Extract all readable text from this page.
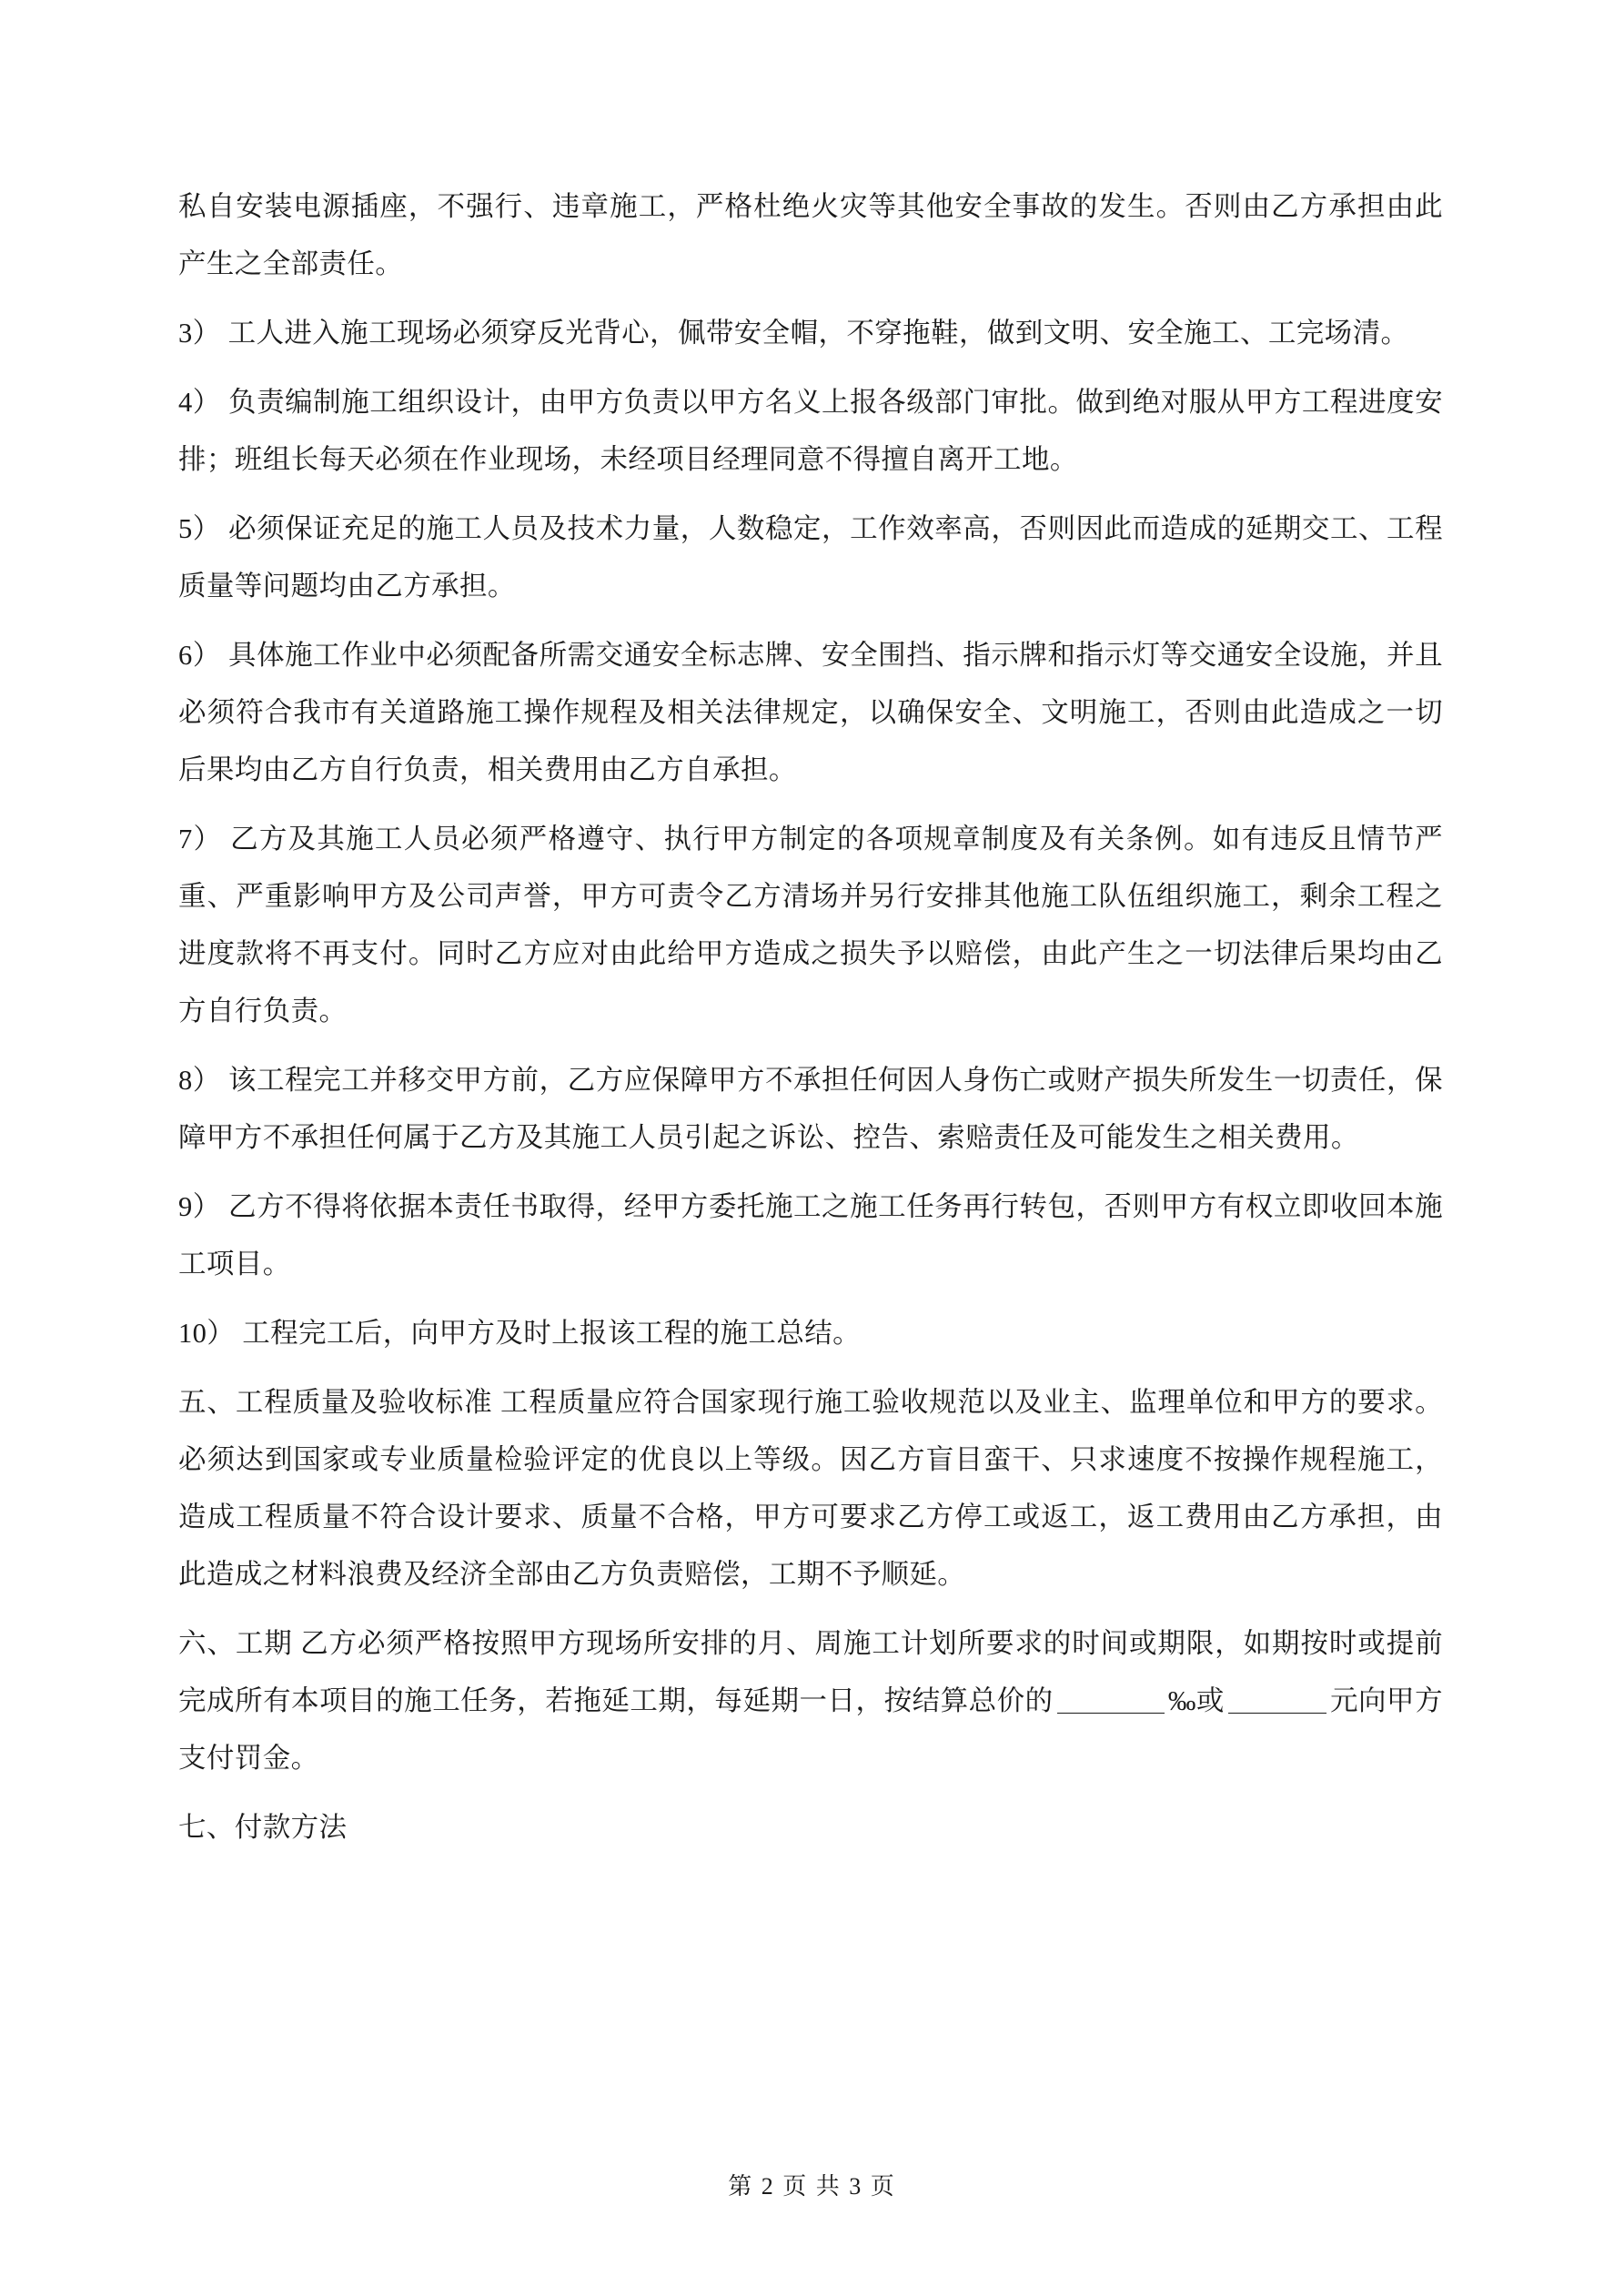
私自安装电源插座，不强行、违章施工，严格杜绝火灾等其他安全事故的发生。否则由乙方承担由此产生之全部责任。

3） 工人进入施工现场必须穿反光背心，佩带安全帽，不穿拖鞋，做到文明、安全施工、工完场清。

4） 负责编制施工组织设计，由甲方负责以甲方名义上报各级部门审批。做到绝对服从甲方工程进度安排；班组长每天必须在作业现场，未经项目经理同意不得擅自离开工地。

5） 必须保证充足的施工人员及技术力量，人数稳定，工作效率高，否则因此而造成的延期交工、工程质量等问题均由乙方承担。

6） 具体施工作业中必须配备所需交通安全标志牌、安全围挡、指示牌和指示灯等交通安全设施，并且必须符合我市有关道路施工操作规程及相关法律规定，以确保安全、文明施工，否则由此造成之一切后果均由乙方自行负责，相关费用由乙方自承担。

7） 乙方及其施工人员必须严格遵守、执行甲方制定的各项规章制度及有关条例。如有违反且情节严重、严重影响甲方及公司声誉，甲方可责令乙方清场并另行安排其他施工队伍组织施工，剩余工程之进度款将不再支付。同时乙方应对由此给甲方造成之损失予以赔偿，由此产生之一切法律后果均由乙方自行负责。

8） 该工程完工并移交甲方前，乙方应保障甲方不承担任何因人身伤亡或财产损失所发生一切责任，保障甲方不承担任何属于乙方及其施工人员引起之诉讼、控告、索赔责任及可能发生之相关费用。

9） 乙方不得将依据本责任书取得，经甲方委托施工之施工任务再行转包，否则甲方有权立即收回本施工项目。

10） 工程完工后，向甲方及时上报该工程的施工总结。

五、工程质量及验收标准 工程质量应符合国家现行施工验收规范以及业主、监理单位和甲方的要求。必须达到国家或专业质量检验评定的优良以上等级。因乙方盲目蛮干、只求速度不按操作规程施工，造成工程质量不符合设计要求、质量不合格，甲方可要求乙方停工或返工，返工费用由乙方承担，由此造成之材料浪费及经济全部由乙方负责赔偿，工期不予顺延。

六、工期 乙方必须严格按照甲方现场所安排的月、周施工计划所要求的时间或期限，如期按时或提前完成所有本项目的施工任务，若拖延工期，每延期一日，按结算总价的	‰或	元向甲方支付罚金。

七、付款方法

第 2 页 共 3 页
